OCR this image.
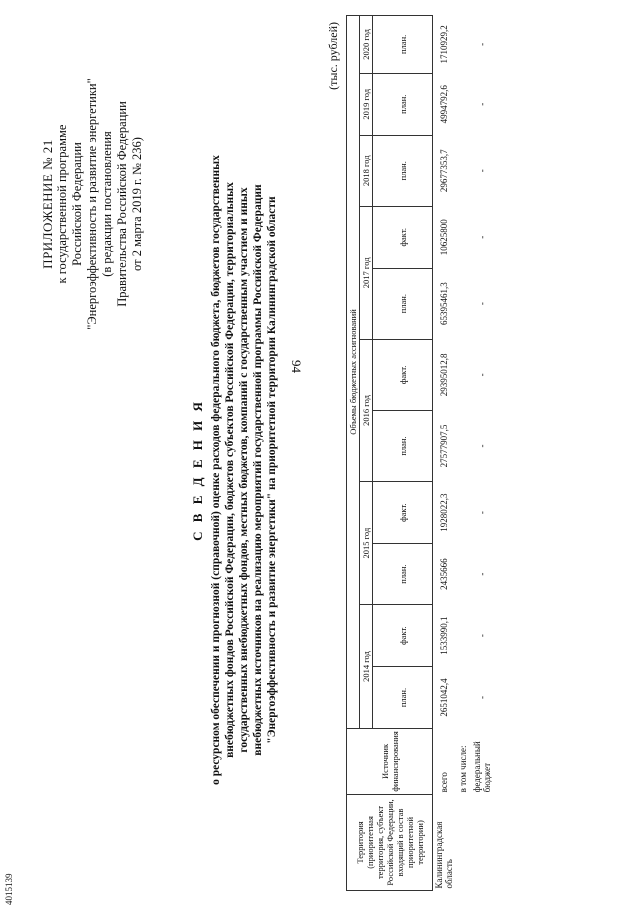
94
4015139
ПРИЛОЖЕНИЕ № 21 к государственной программе Российской Федерации "Энергоэффективность и развитие энергетики" (в редакции постановления Правительства Российской Федерации от 2 марта 2019 г. № 236)
С В Е Д Е Н И Я о ресурсном обеспечении и прогнозной (справочной) оценке расходов федерального бюджета, бюджетов государственных внебюджетных фондов Российской Федерации, бюджетов субъектов Российской Федерации, территориальных государственных внебюджетных фондов, местных бюджетов, компаний с государственным участием и иных внебюджетных источников на реализацию мероприятий государственной программы Российской Федерации "Энергоэффективность и развитие энергетики" на приоритетной территории Калининградской области
(тыс. рублей)
Территория (приоритетная территория, субъект Российской Федерации, входящий в состав приоритетной территории)	Источник финансирования	Объемы бюджетных ассигнований										
		2014 год		2015 год		2016 год		2017 год		2018 год	2019 год	2020 год
		план.	факт.	план.	факт.	план.	факт.	план.	факт.	план.	план.	план.
Калининградская область	всего	2651042,4	1533990,1	2435666	1928022,3	27577907,5	29395012,8	65395461,3	10625800	29677353,7	4994792,6	1710929,2
	в том числе:											
	федеральный бюджет	-	-	-	-	-	-	-	-	-	-	-
